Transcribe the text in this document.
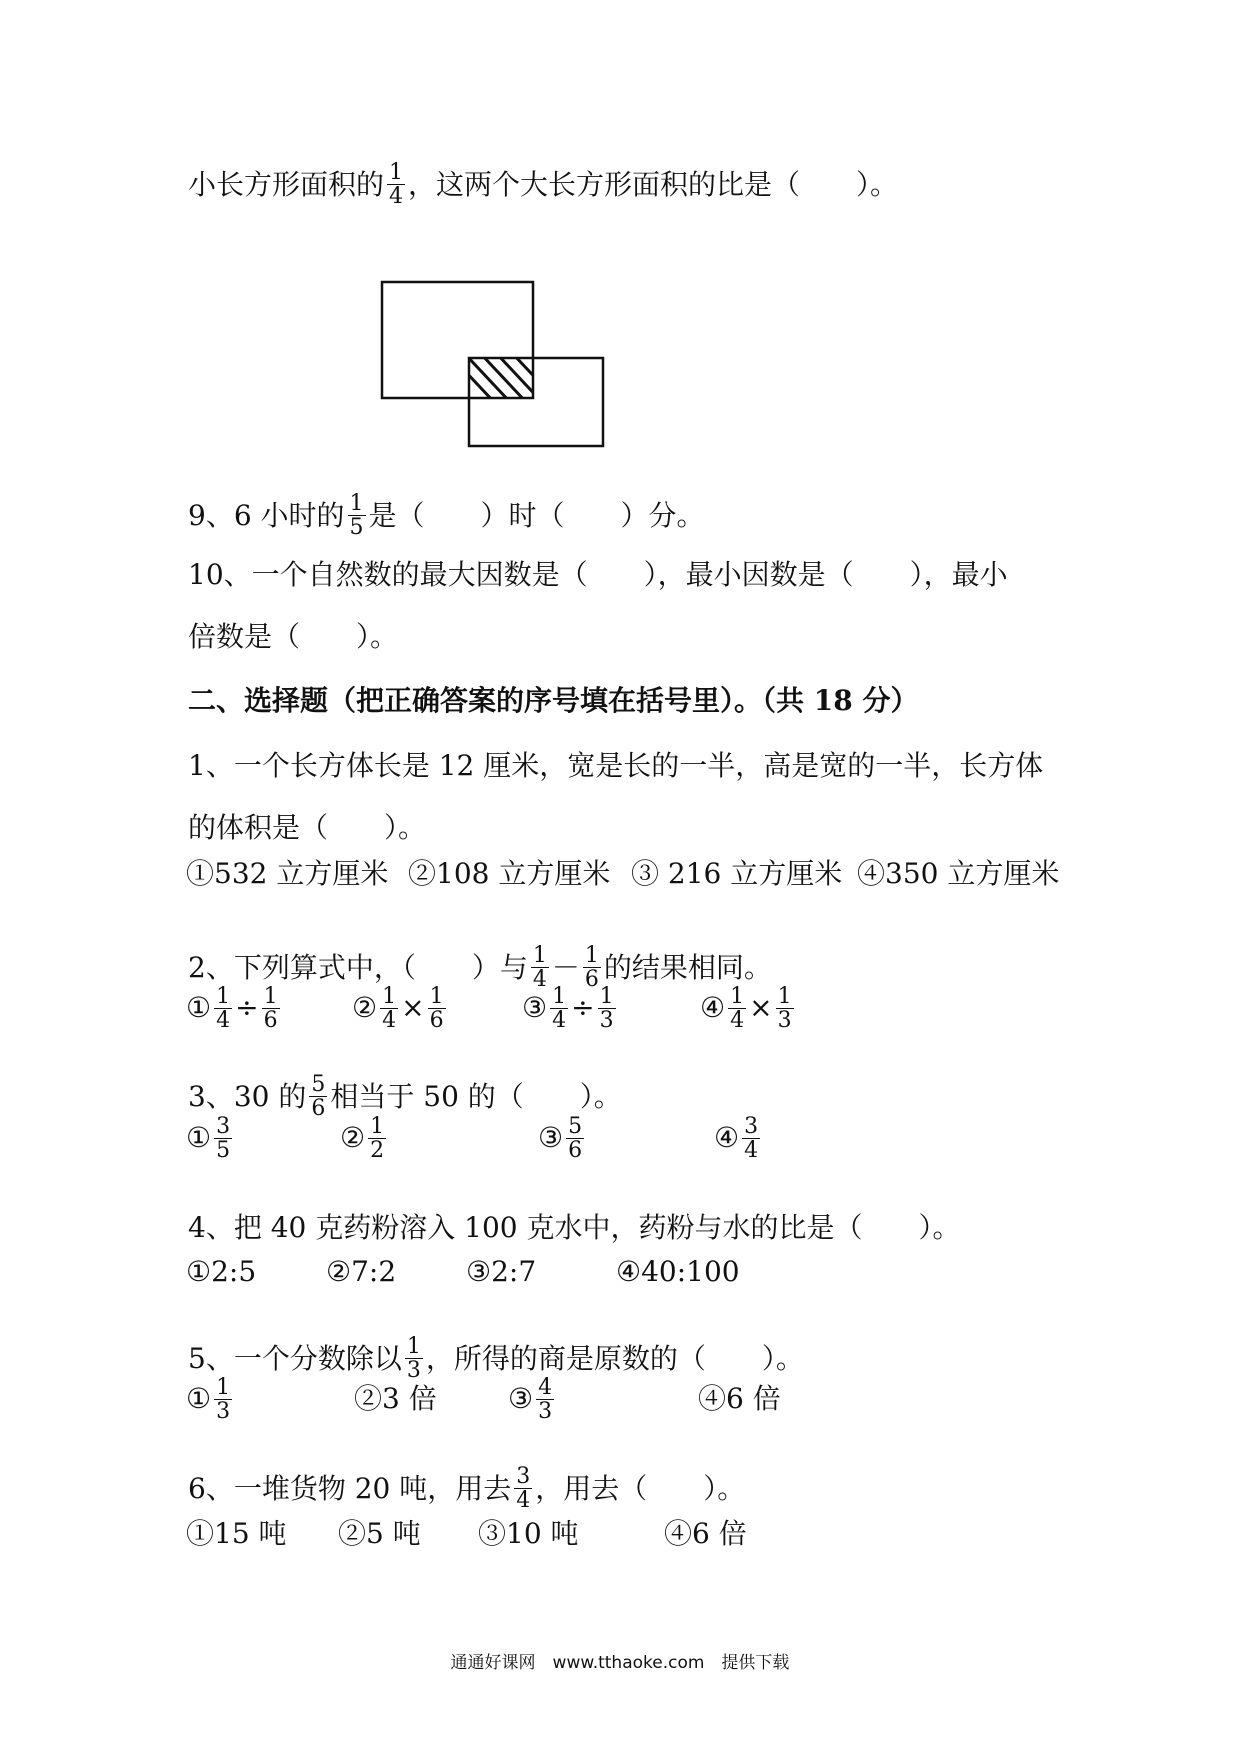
小长方形面积的 $\frac{1}{4}$ ，这两个大长方形面积的比是（　　）。
9、6 小时的 $\frac{1}{5}$ 是（　　）时（　　）分。
10、一个自然数的最大因数是（　　），最小因数是（　　），最小
倍数是（　　）。
二、选择题（把正确答案的序号填在括号里）。（共 18 分）
1、一个长方体长是 12 厘米，宽是长的一半，高是宽的一半，长方体
的体积是（　　）。
①532 立方厘米 ②108 立方厘米 ③ 216 立方厘米 ④350 立方厘米
2、下列算式中，（　　）与 $\frac{1}{4} - \frac{1}{6}$ 的结果相同。
① $\frac{1}{4} \div \frac{1}{6}$	② $\frac{1}{4} \times \frac{1}{6}$	③ $\frac{1}{4} \div \frac{1}{3}$	④ $\frac{1}{4} \times \frac{1}{3}$
3、30 的 $\frac{5}{6}$ 相当于 50 的（　　）。
① $\frac{3}{5}$	② $\frac{1}{2}$	③ $\frac{5}{6}$	④ $\frac{3}{4}$
4、把 40 克药粉溶入 100 克水中，药粉与水的比是（　　）。
①2:5 ②7:2 ③2:7	④40:100
5、一个分数除以 $\frac{1}{3}$ ，所得的商是原数的（　　）。
① $\frac{1}{3}$	②3 倍	③ $\frac{4}{3}$	④6 倍
6、一堆货物 20 吨，用去 $\frac{3}{4}$ ，用去（　　）。
①15 吨 ②5 吨 ③10 吨	④6 倍
通通好课网　www.tthaoke.com　提供下载
